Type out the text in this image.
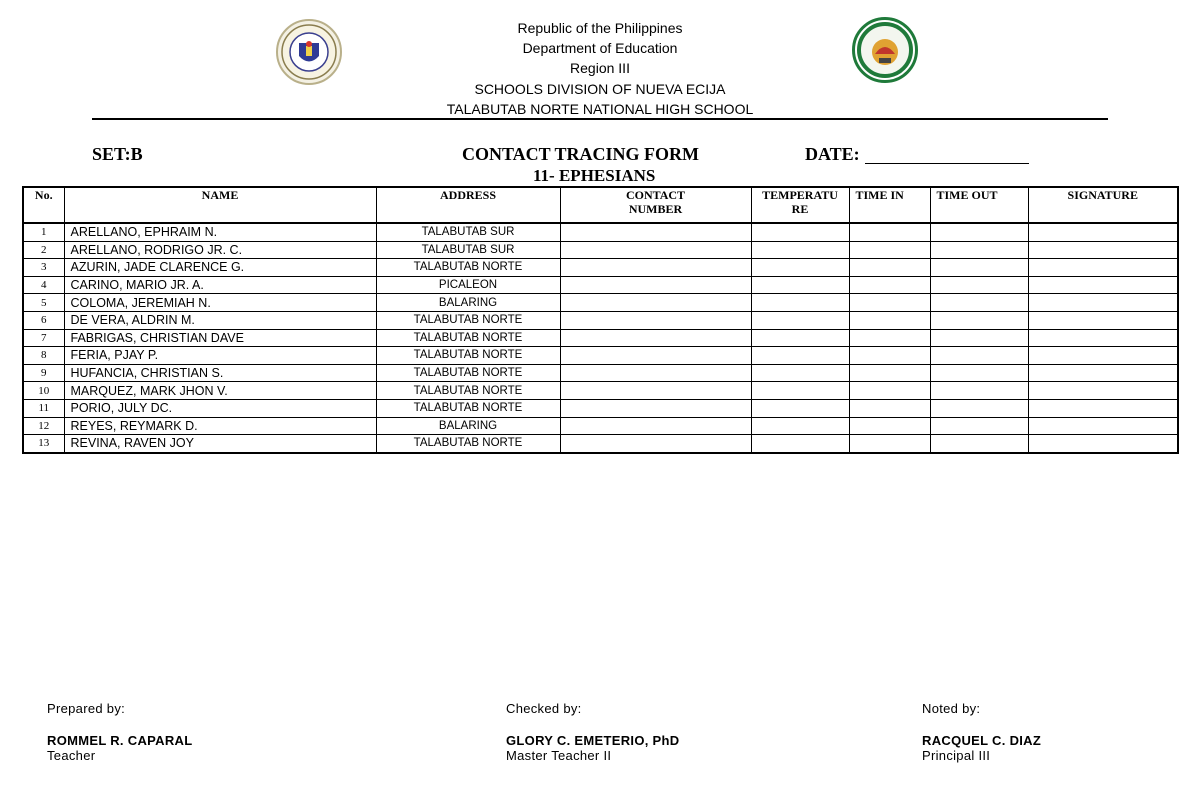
Republic of the Philippines
Department of Education
Region III
SCHOOLS DIVISION OF NUEVA ECIJA
TALABUTAB NORTE NATIONAL HIGH SCHOOL
SET:B	CONTACT TRACING FORM	DATE:
11- EPHESIANS
No.	NAME	ADDRESS	CONTACT NUMBER	TEMPERATU RE	TIME IN	TIME OUT	SIGNATURE
1	ARELLANO, EPHRAIM N.	TALABUTAB SUR					
2	ARELLANO, RODRIGO JR. C.	TALABUTAB SUR					
3	AZURIN, JADE CLARENCE G.	TALABUTAB NORTE					
4	CARINO, MARIO JR. A.	PICALEON					
5	COLOMA, JEREMIAH N.	BALARING					
6	DE VERA, ALDRIN M.	TALABUTAB NORTE					
7	FABRIGAS, CHRISTIAN DAVE	TALABUTAB NORTE					
8	FERIA, PJAY P.	TALABUTAB NORTE					
9	HUFANCIA, CHRISTIAN S.	TALABUTAB NORTE					
10	MARQUEZ, MARK JHON V.	TALABUTAB NORTE					
11	PORIO, JULY DC.	TALABUTAB NORTE					
12	REYES, REYMARK D.	BALARING					
13	REVINA, RAVEN JOY	TALABUTAB NORTE					
Prepared by:
ROMMEL R. CAPARAL
Teacher
Checked by:
GLORY C. EMETERIO, PhD
Master Teacher II
Noted by:
RACQUEL C. DIAZ
Principal III
